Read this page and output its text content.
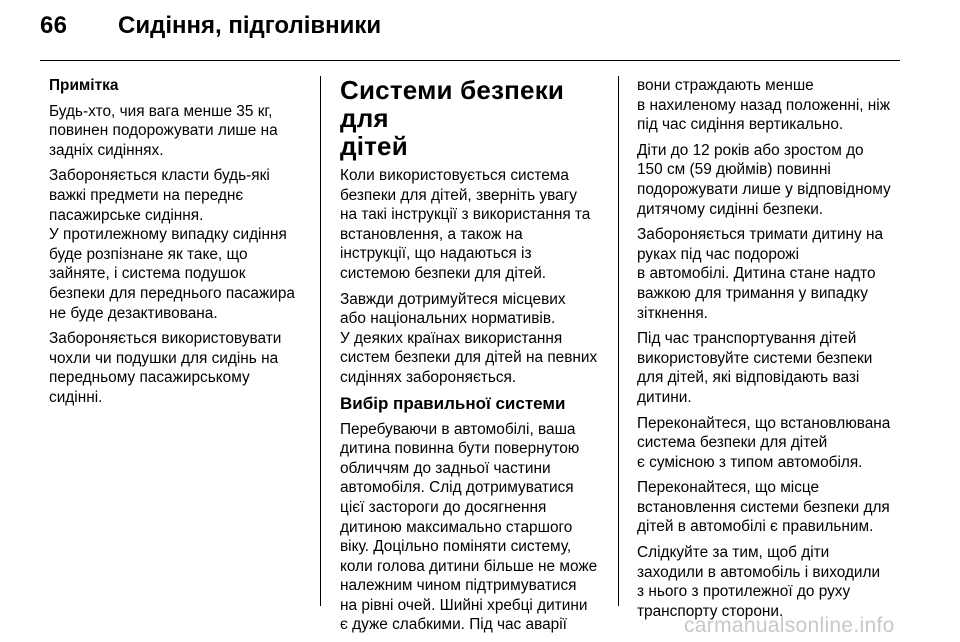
66 Сидіння, підголівники

Примітка

Будь-хто, чия вага менше 35 кг,
повинен подорожувати лише на
задніх сидіннях.

Забороняється класти будь-які
важкі предмети на переднє
пасажирське сидіння.
У протилежному випадку сидіння
буде розпізнане як таке, що
зайняте, і система подушок
безпеки для переднього пасажира
не буде дезактивована.

Забороняється використовувати
чохли чи подушки для сидінь на
передньому пасажирському
сидінні.

Системи безпеки для
дітей

Коли використовується система
безпеки для дітей, зверніть увагу
на такі інструкції з використання та
встановлення, а також на
інструкції, що надаються із
системою безпеки для дітей.

Завжди дотримуйтеся місцевих
або національних нормативів.
У деяких країнах використання
систем безпеки для дітей на певних
сидіннях забороняється.

Вибір правильної системи

Перебуваючи в автомобілі, ваша
дитина повинна бути повернутою
обличчям до задньої частини
автомобіля. Слід дотримуватися
цієї застороги до досягнення
дитиною максимально старшого
віку. Доцільно поміняти систему,
коли голова дитини більше не може
належним чином підтримуватися
на рівні очей. Шийні хребці дитини
є дуже слабкими. Під час аварії

вони страждають менше
в нахиленому назад положенні, ніж
під час сидіння вертикально.

Діти до 12 років або зростом до
150 см (59 дюймів) повинні
подорожувати лише у відповідному
дитячому сидінні безпеки.

Забороняється тримати дитину на
руках під час подорожі
в автомобілі. Дитина стане надто
важкою для тримання у випадку
зіткнення.

Під час транспортування дітей
використовуйте системи безпеки
для дітей, які відповідають вазі
дитини.

Переконайтеся, що встановлювана
система безпеки для дітей
є сумісною з типом автомобіля.

Переконайтеся, що місце
встановлення системи безпеки для
дітей в автомобілі є правильним.

Слідкуйте за тим, щоб діти
заходили в автомобіль і виходили
з нього з протилежної до руху
транспорту сторони.

carmanualsonline.info
